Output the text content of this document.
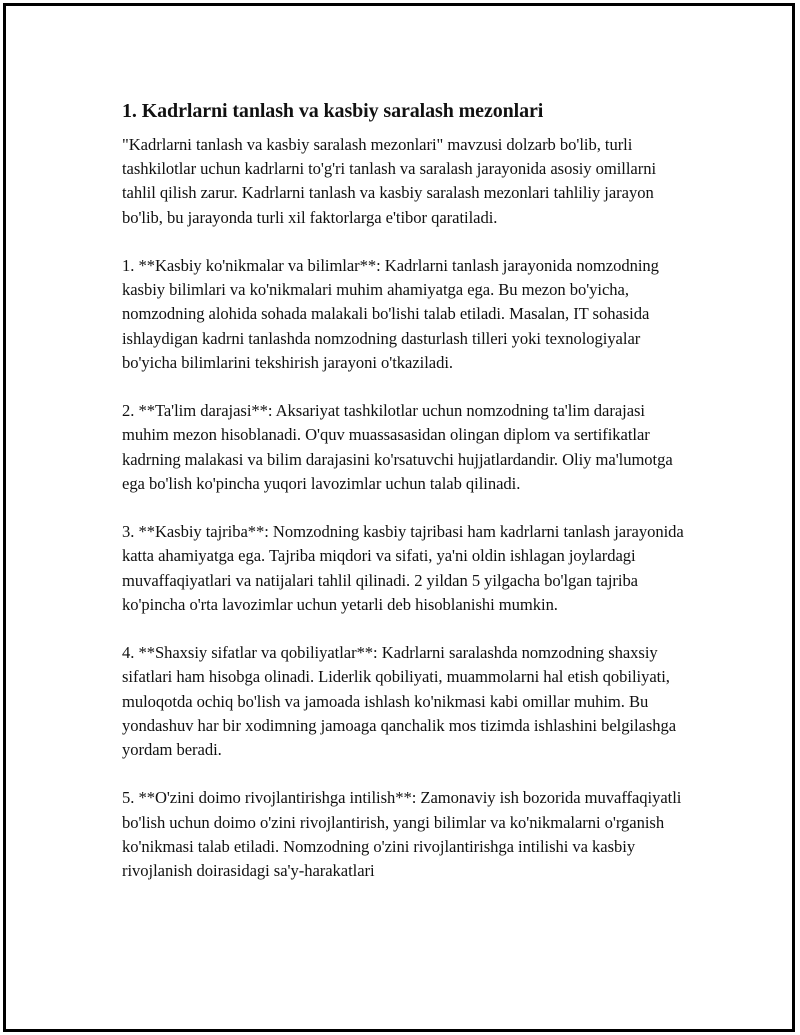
1. Kadrlarni tanlash va kasbiy saralash mezonlari

"Kadrlarni tanlash va kasbiy saralash mezonlari" mavzusi dolzarb bo'lib, turli tashkilotlar uchun kadrlarni to'g'ri tanlash va saralash jarayonida asosiy omillarni tahlil qilish zarur. Kadrlarni tanlash va kasbiy saralash mezonlari tahliliy jarayon bo'lib, bu jarayonda turli xil faktorlarga e'tibor qaratiladi.

1. **Kasbiy ko'nikmalar va bilimlar**: Kadrlarni tanlash jarayonida nomzodning kasbiy bilimlari va ko'nikmalari muhim ahamiyatga ega. Bu mezon bo'yicha, nomzodning alohida sohada malakali bo'lishi talab etiladi. Masalan, IT sohasida ishlaydigan kadrni tanlashda nomzodning dasturlash tilleri yoki texnologiyalar bo'yicha bilimlarini tekshirish jarayoni o'tkaziladi.

2. **Ta'lim darajasi**: Aksariyat tashkilotlar uchun nomzodning ta'lim darajasi muhim mezon hisoblanadi. O'quv muassasasidan olingan diplom va sertifikatlar kadrning malakasi va bilim darajasini ko'rsatuvchi hujjatlardandir. Oliy ma'lumotga ega bo'lish ko'pincha yuqori lavozimlar uchun talab qilinadi.

3. **Kasbiy tajriba**: Nomzodning kasbiy tajribasi ham kadrlarni tanlash jarayonida katta ahamiyatga ega. Tajriba miqdori va sifati, ya'ni oldin ishlagan joylardagi muvaffaqiyatlari va natijalari tahlil qilinadi. 2 yildan 5 yilgacha bo'lgan tajriba ko'pincha o'rta lavozimlar uchun yetarli deb hisoblanishi mumkin.

4. **Shaxsiy sifatlar va qobiliyatlar**: Kadrlarni saralashda nomzodning shaxsiy sifatlari ham hisobga olinadi. Liderlik qobiliyati, muammolarni hal etish qobiliyati, muloqotda ochiq bo'lish va jamoada ishlash ko'nikmasi kabi omillar muhim. Bu yondashuv har bir xodimning jamoaga qanchalik mos tizimda ishlashini belgilashga yordam beradi.

5. **O'zini doimo rivojlantirishga intilish**: Zamonaviy ish bozorida muvaffaqiyatli bo'lish uchun doimo o'zini rivojlantirish, yangi bilimlar va ko'nikmalarni o'rganish ko'nikmasi talab etiladi. Nomzodning o'zini rivojlantirishga intilishi va kasbiy rivojlanish doirasidagi sa'y-harakatlari
